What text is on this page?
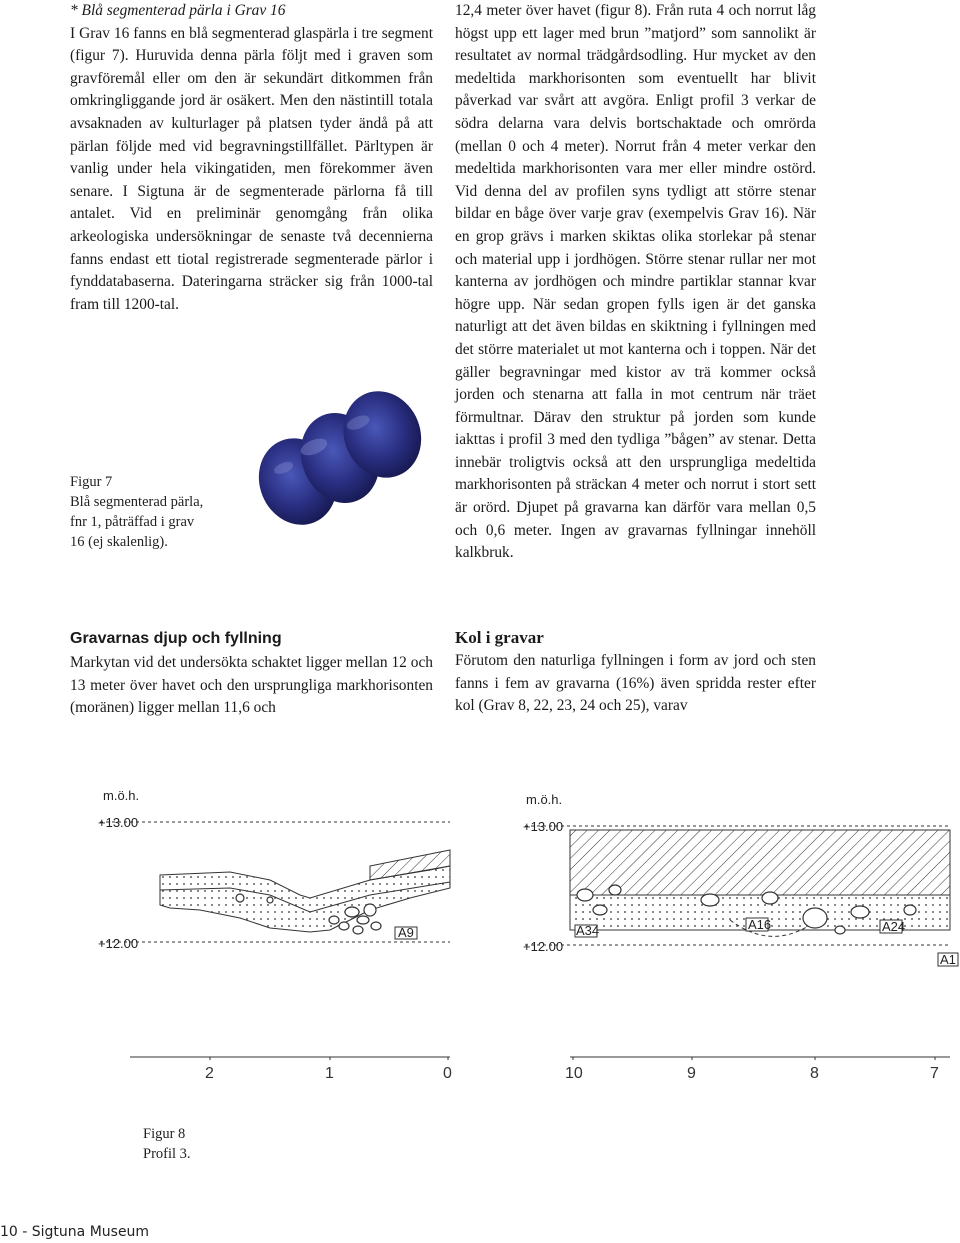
* Blå segmenterad pärla i Grav 16

I Grav 16 fanns en blå segmenterad glaspärla i tre segment (figur 7). Huruvida denna pärla följt med i graven som gravföremål eller om den är sekundärt ditkommen från omkringliggande jord är osäkert. Men den nästintill totala avsaknaden av kulturlager på platsen tyder ändå på att pärlan följde med vid begravningstillfället. Pärltypen är vanlig under hela vikingatiden, men förekommer även senare. I Sigtuna är de segmenterade pärlorna få till antalet. Vid en preliminär genomgång från olika arkeologiska undersökningar de senaste två decennierna fanns endast ett tiotal registrerade segmenterade pärlor i fynddatabaserna. Dateringarna sträcker sig från 1000-tal fram till 1200-tal.

Figur 7
Blå segmenterad pärla,
fnr 1, påträffad i grav
16 (ej skalenlig).
Gravarnas djup och fyllning

Markytan vid det undersökta schaktet ligger mellan 12 och 13 meter över havet och den ursprungliga markhorisonten (moränen) ligger mellan 11,6 och

12,4 meter över havet (figur 8). Från ruta 4 och norrut låg högst upp ett lager med brun ”matjord” som sannolikt är resultatet av normal trädgårdsodling. Hur mycket av den medeltida markhorisonten som eventuellt har blivit påverkad var svårt att avgöra. Enligt profil 3 verkar de södra delarna vara delvis bortschaktade och omrörda (mellan 0 och 4 meter). Norrut från 4 meter verkar den medeltida markhorisonten vara mer eller mindre ostörd. Vid denna del av profilen syns tydligt att större stenar bildar en båge över varje grav (exempelvis Grav 16). När en grop grävs i marken skiktas olika storlekar på stenar och material upp i jordhögen. Större stenar rullar ner mot kanterna av jordhögen och mindre partiklar stannar kvar högre upp. När sedan gropen fylls igen är det ganska naturligt att det även bildas en skiktning i fyllningen med det större materialet ut mot kanterna och i toppen. När det gäller begravningar med kistor av trä kommer också jorden och stenarna att falla in mot centrum när träet förmultnar. Därav den struktur på jorden som kunde iakttas i profil 3 med den tydliga ”bågen” av stenar. Detta innebär troligtvis också att den ursprungliga medeltida markhorisonten på sträckan 4 meter och norrut i stort sett är orörd. Djupet på gravarna kan därför vara mellan 0,5 och 0,6 meter. Ingen av gravarnas fyllningar innehöll kalkbruk.

Kol i gravar

Förutom den naturliga fyllningen i form av jord och sten fanns i fem av gravarna (16%) även spridda rester efter kol (Grav 8, 22, 23, 24 och 25), varav

m.ö.h.
+13.00
+12.00
A9
2	1	0
m.ö.h.
+13.00
+12.00
A34	A16	A24
A1
10	9	8	7
Figur 8
Profil 3.
10 - Sigtuna Museum
